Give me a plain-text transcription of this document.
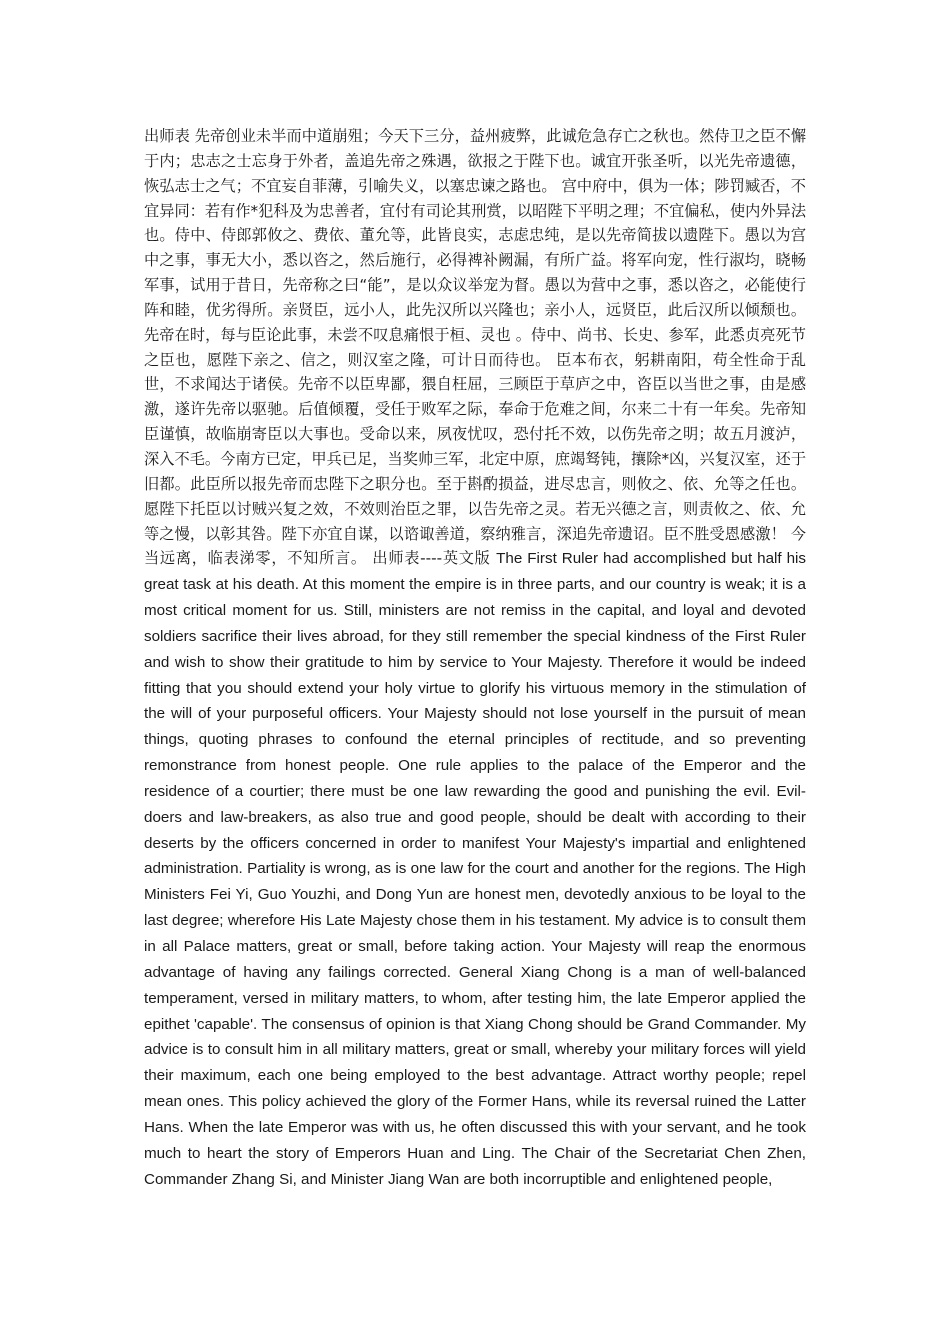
出师表 先帝创业未半而中道崩殂；今天下三分，益州疲弊，此诚危急存亡之秋也。然侍卫之臣不懈于内；忠志之士忘身于外者，盖追先帝之殊遇，欲报之于陛下也。诚宜开张圣听，以光先帝遗德，恢弘志士之气；不宜妄自菲薄，引喻失义，以塞忠谏之路也。 宫中府中，俱为一体；陟罚臧否，不宜异同：若有作*犯科及为忠善者，宜付有司论其刑赏，以昭陛下平明之理；不宜偏私，使内外异法也。侍中、侍郎郭攸之、费依、董允等，此皆良实，志虑忠纯，是以先帝简拔以遗陛下。愚以为宫中之事，事无大小，悉以咨之，然后施行，必得裨补阙漏，有所广益。将军向宠，性行淑均，晓畅军事，试用于昔日，先帝称之曰“能”，是以众议举宠为督。愚以为营中之事，悉以咨之，必能使行阵和睦，优劣得所。亲贤臣，远小人，此先汉所以兴隆也；亲小人，远贤臣，此后汉所以倾颓也。先帝在时，每与臣论此事，未尝不叹息痛恨于桓、灵也 。侍中、尚书、长史、参军，此悉贞亮死节之臣也，愿陛下亲之、信之，则汉室之隆，可计日而待也。 臣本布衣，躬耕南阳，苟全性命于乱世，不求闻达于诸侯。先帝不以臣卑鄙，猥自枉屈，三顾臣于草庐之中，咨臣以当世之事，由是感激，遂许先帝以驱驰。后值倾覆，受任于败军之际，奉命于危难之间，尔来二十有一年矣。先帝知臣谨慎，故临崩寄臣以大事也。受命以来，夙夜忧叹，恐付托不效，以伤先帝之明；故五月渡泸，深入不毛。今南方已定，甲兵已足，当奖帅三军，北定中原，庶竭驽钝，攘除*凶，兴复汉室，还于旧都。此臣所以报先帝而忠陛下之职分也。至于斟酌损益，进尽忠言，则攸之、依、允等之任也。 愿陛下托臣以讨贼兴复之效，不效则治臣之罪，以告先帝之灵。若无兴德之言，则责攸之、依、允等之慢，以彰其咎。陛下亦宜自谋，以谘诹善道，察纳雅言，深追先帝遗诏。臣不胜受恩感激！ 今当远离，临表涕零，不知所言。 出师表----英文版 The First Ruler had accomplished but half his great task at his death. At this moment the empire is in three parts, and our country is weak; it is a most critical moment for us. Still, ministers are not remiss in the capital, and loyal and devoted soldiers sacrifice their lives abroad, for they still remember the special kindness of the First Ruler and wish to show their gratitude to him by service to Your Majesty. Therefore it would be indeed fitting that you should extend your holy virtue to glorify his virtuous memory in the stimulation of the will of your purposeful officers. Your Majesty should not lose yourself in the pursuit of mean things, quoting phrases to confound the eternal principles of rectitude, and so preventing remonstrance from honest people. One rule applies to the palace of the Emperor and the residence of a courtier; there must be one law rewarding the good and punishing the evil. Evil-doers and law-breakers, as also true and good people, should be dealt with according to their deserts by the officers concerned in order to manifest Your Majesty's impartial and enlightened administration. Partiality is wrong, as is one law for the court and another for the regions. The High Ministers Fei Yi, Guo Youzhi, and Dong Yun are honest men, devotedly anxious to be loyal to the last degree; wherefore His Late Majesty chose them in his testament. My advice is to consult them in all Palace matters, great or small, before taking action. Your Majesty will reap the enormous advantage of having any failings corrected. General Xiang Chong is a man of well-balanced temperament, versed in military matters, to whom, after testing him, the late Emperor applied the epithet 'capable'. The consensus of opinion is that Xiang Chong should be Grand Commander. My advice is to consult him in all military matters, great or small, whereby your military forces will yield their maximum, each one being employed to the best advantage. Attract worthy people; repel mean ones. This policy achieved the glory of the Former Hans, while its reversal ruined the Latter Hans. When the late Emperor was with us, he often discussed this with your servant, and he took much to heart the story of Emperors Huan and Ling. The Chair of the Secretariat Chen Zhen, Commander Zhang Si, and Minister Jiang Wan are both incorruptible and enlightened people,
